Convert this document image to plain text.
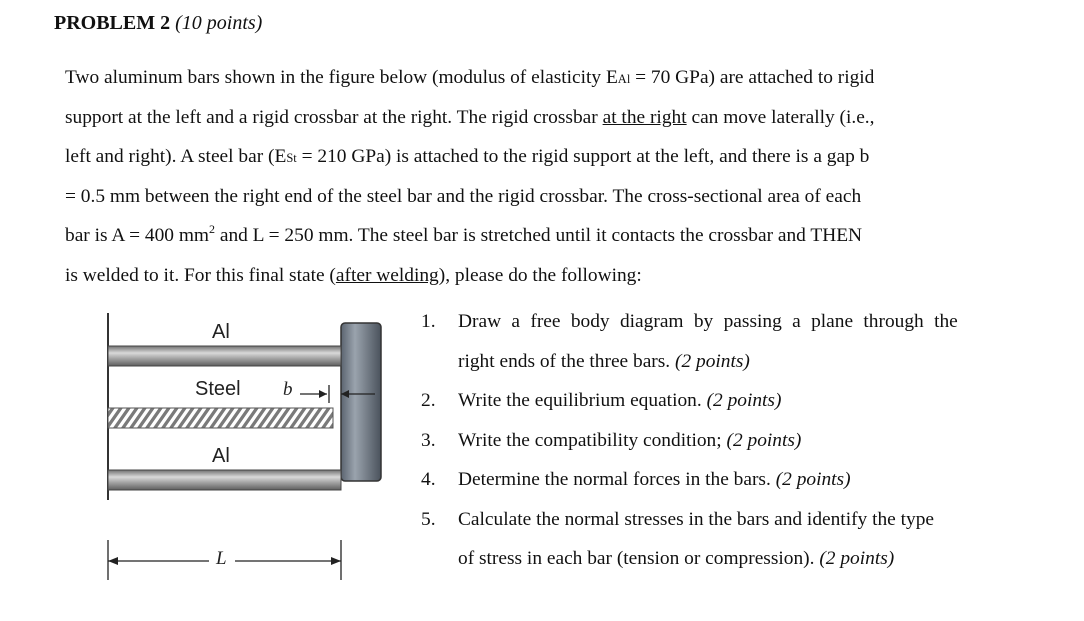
PROBLEM 2 (10 points)
Two aluminum bars shown in the figure below (modulus of elasticity EAl = 70 GPa) are attached to rigid
support at the left and a rigid crossbar at the right. The rigid crossbar at the right can move laterally (i.e.,
left and right). A steel bar (ESt = 210 GPa) is attached to the rigid support at the left, and there is a gap b
= 0.5 mm between the right end of the steel bar and the rigid crossbar. The cross-sectional area of each
bar is A = 400 $mm^2$ and L = 250 mm. The steel bar is stretched until it contacts the crossbar and THEN
is welded to it. For this final state (after welding), please do the following:
1.	Draw a free body diagram by passing a plane through the
right ends of the three bars. (2 points)
2.	Write the equilibrium equation. (2 points)
3.	Write the compatibility condition; (2 points)
4.	Determine the normal forces in the bars. (2 points)
5.	Calculate the normal stresses in the bars and identify the type
of stress in each bar (tension or compression). (2 points)
Al
Steel b
Al
L
